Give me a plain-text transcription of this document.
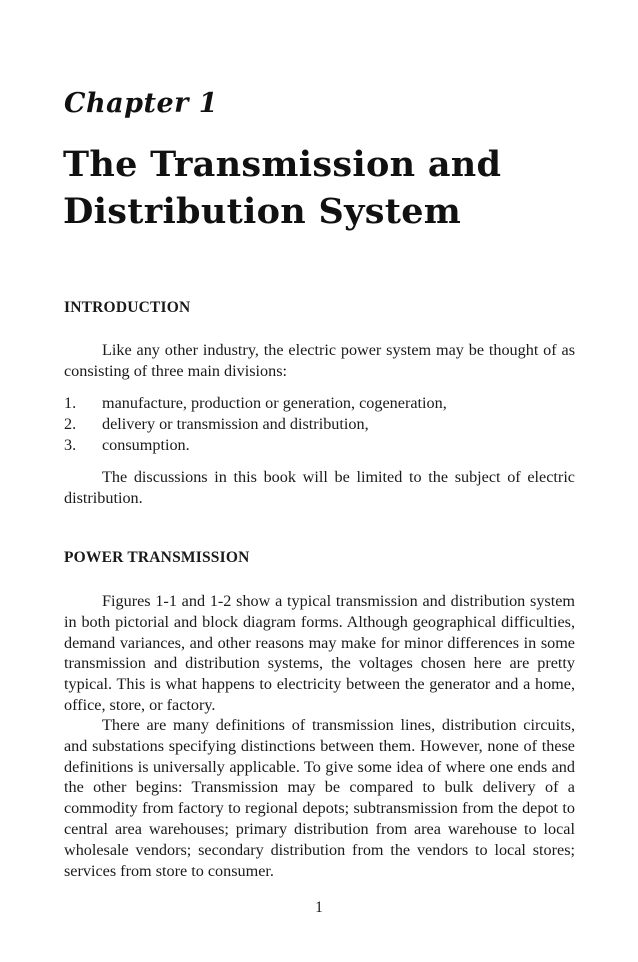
Chapter 1
The Transmission and Distribution System
INTRODUCTION

Like any other industry, the electric power system may be thought of as consisting of three main divisions:

1.	manufacture, production or generation, cogeneration,
2.	delivery or transmission and distribution,
3.	consumption.

The discussions in this book will be limited to the subject of electric distribution.

POWER TRANSMISSION

Figures 1-1 and 1-2 show a typical transmission and distribution system in both pictorial and block diagram forms. Although geographical difficulties, demand variances, and other reasons may make for minor differences in some transmission and distribution systems, the voltages chosen here are pretty typical. This is what happens to electricity between the generator and a home, office, store, or factory.

There are many definitions of transmission lines, distribution circuits, and substations specifying distinctions between them. However, none of these definitions is universally applicable. To give some idea of where one ends and the other begins: Transmission may be compared to bulk delivery of a commodity from factory to regional depots; subtransmission from the depot to central area warehouses; primary distribution from area warehouse to local wholesale vendors; secondary distribution from the vendors to local stores; services from store to consumer.

1
